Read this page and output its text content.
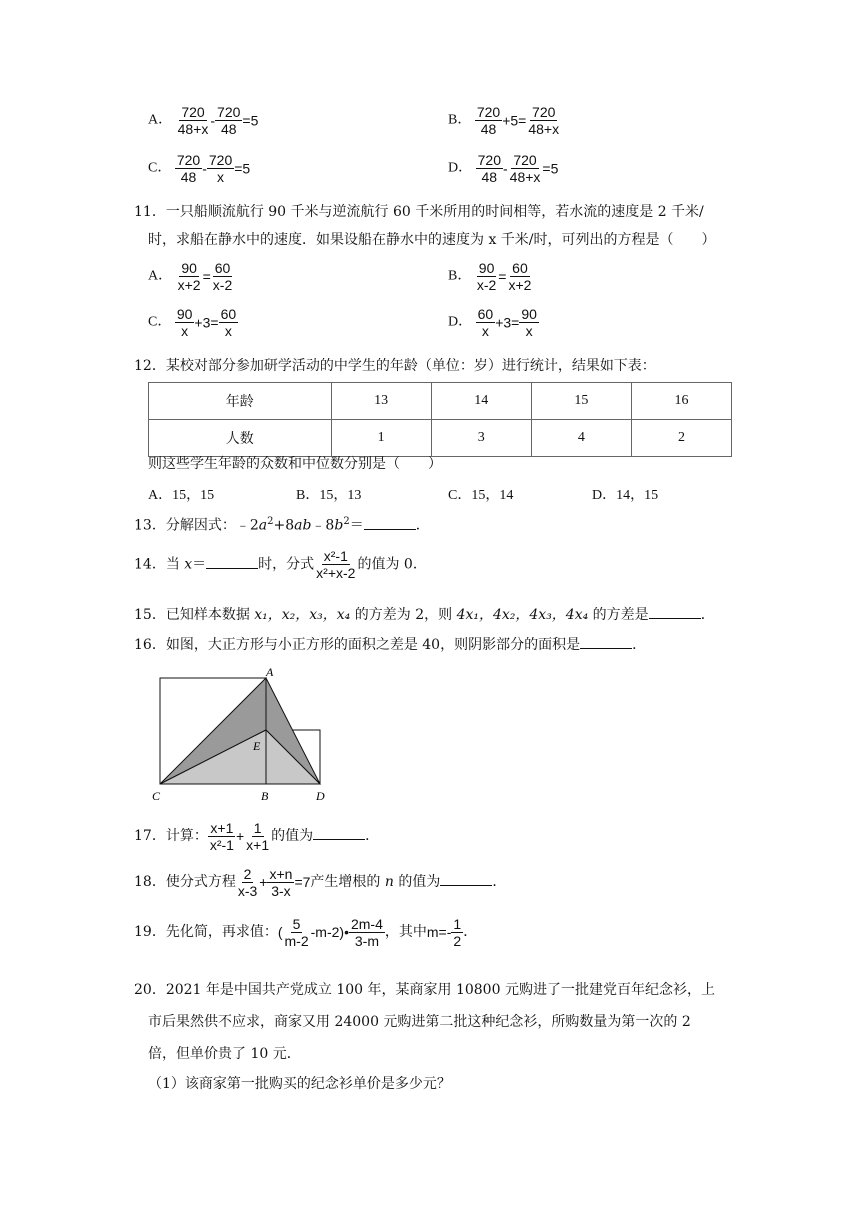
A． $\frac{720}{48+x} - \frac{720}{48} =5$	B． $\frac{720}{48} +5= \frac{720}{48+x}$
C． $\frac{720}{48} - \frac{720}{x} =5$	D． $\frac{720}{48} - \frac{720}{48+x} =5$
11．一只船顺流航行 90 千米与逆流航行 60 千米所用的时间相等，若水流的速度是 2 千米/
时，求船在静水中的速度．如果设船在静水中的速度为 x 千米/时，可列出的方程是（　　）
A． $\frac{90}{x+2} = \frac{60}{x-2}$	B． $\frac{90}{x-2} = \frac{60}{x+2}$
C． $\frac{90}{x} +3= \frac{60}{x}$	D． $\frac{60}{x} +3= \frac{90}{x}$
12．某校对部分参加研学活动的中学生的年龄（单位：岁）进行统计，结果如下表：
年龄	13	14	15	16
人数	1	3	4	2
则这些学生年龄的众数和中位数分别是（　　）
A．15，15	B．15，13	C．15，14	D．14，15
13．分解因式：$﹣2a^2+8ab﹣8b^2=$	．
14．当 x＝	时，分式 $\frac{\text{x²-1}}{\text{x²+x-2}}$ 的值为 0．
15．已知样本数据 x₁，x₂，x₃，x₄ 的方差为 2，则 4x₁，4x₂，4x₃，4x₄ 的方差是	．
16．如图，大正方形与小正方形的面积之差是 40，则阴影部分的面积是	．
A
E
C	B	D
17．计算： $\frac{x+1}{\text{x²-1}} + \frac{1}{x+1}$ 的值为	．
18．使分式方程 $\frac{2}{x-3} + \frac{x+n}{3-x} =7$产生增根的 n 的值为	．
19．先化简，再求值：( $\frac{5}{m-2}$ -m-2)• $\frac{2m-4}{3-m}$ ，其中$m=- \frac{1}{2}$ ．
20．2021 年是中国共产党成立 100 年，某商家用 10800 元购进了一批建党百年纪念衫，上
市后果然供不应求，商家又用 24000 元购进第二批这种纪念衫，所购数量为第一次的 2
倍，但单价贵了 10 元．
（1）该商家第一批购买的纪念衫单价是多少元？
